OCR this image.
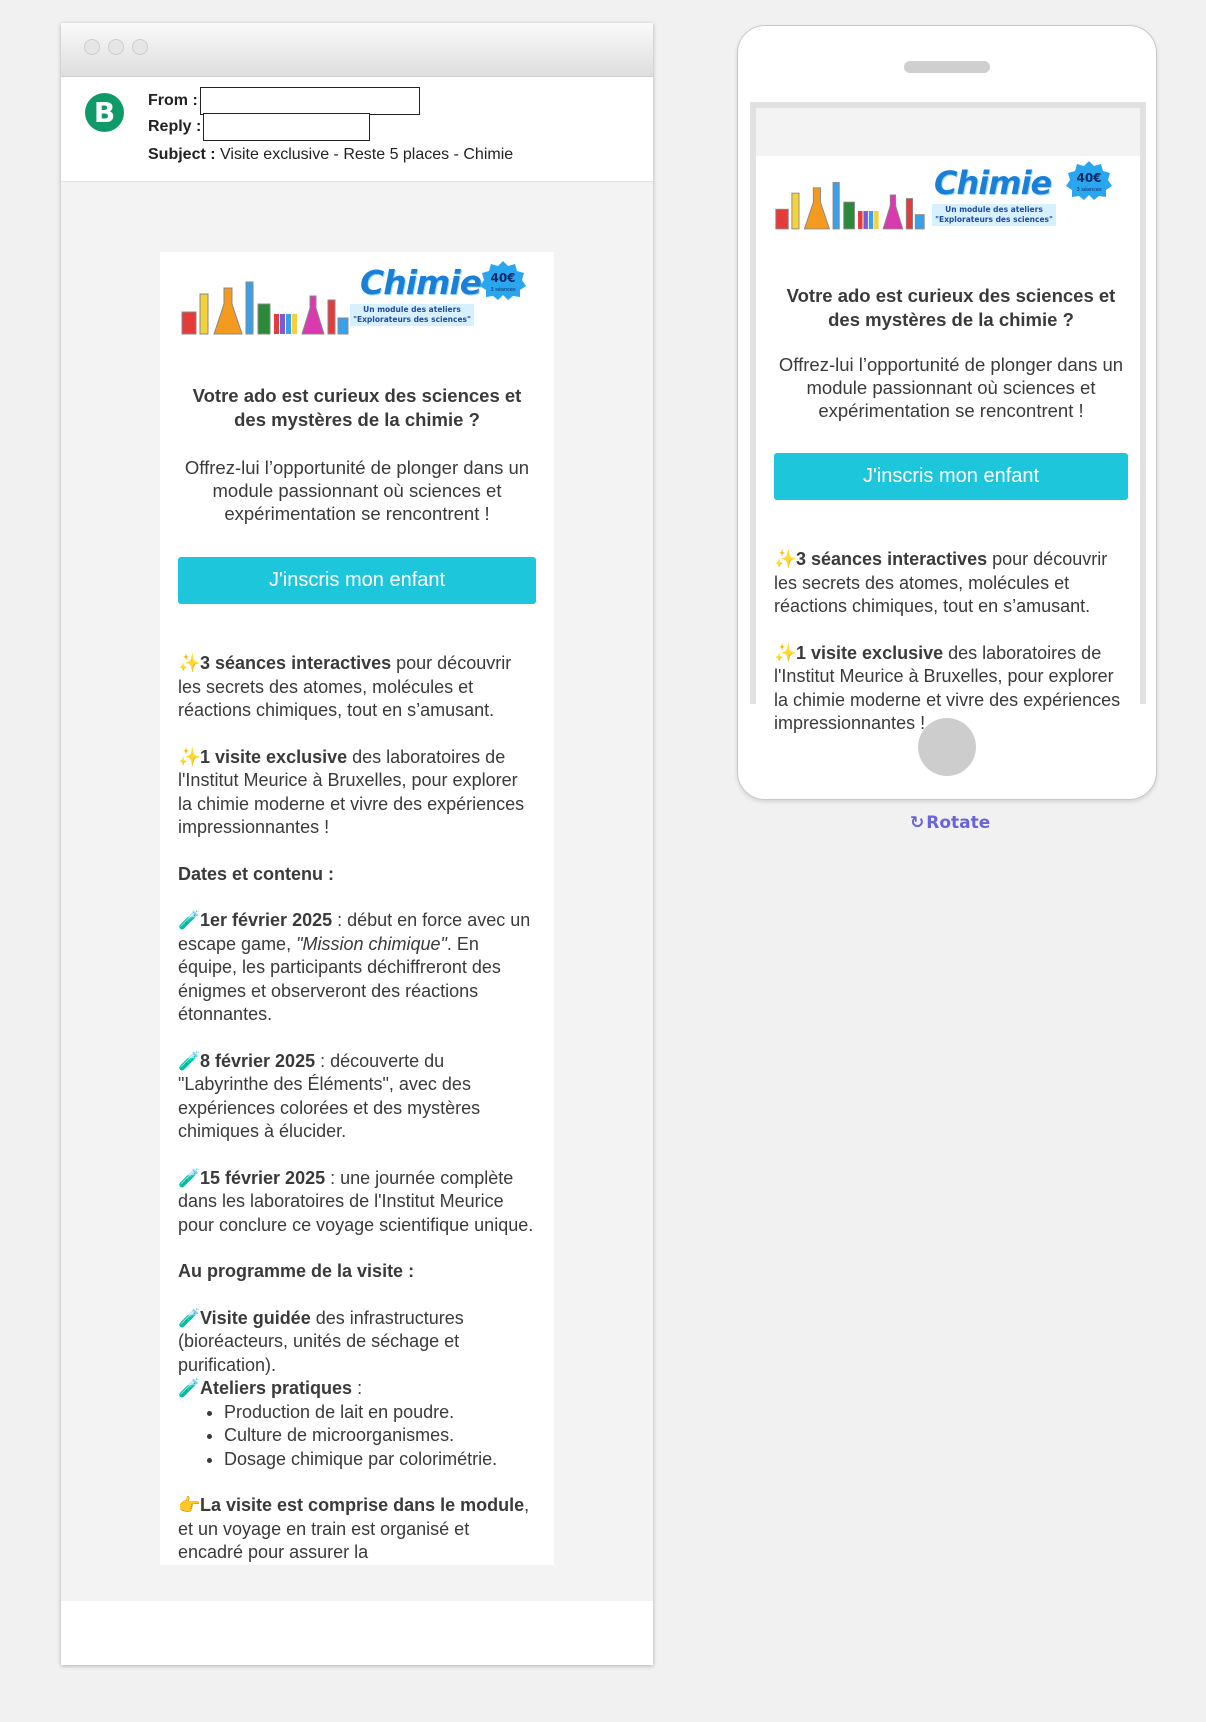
B	From :
Reply :
Subject : Visite exclusive - Reste 5 places - Chimie
Chimie
Un module des ateliers
"Explorateurs des sciences"
40€
3 séances
Votre ado est curieux des sciences et des mystères de la chimie ?
Offrez-lui l’opportunité de plonger dans un module passionnant où sciences et expérimentation se rencontrent !
J'inscris mon enfant
✨3 séances interactives pour découvrir les secrets des atomes, molécules et réactions chimiques, tout en s’amusant.
✨1 visite exclusive des laboratoires de l'Institut Meurice à Bruxelles, pour explorer la chimie moderne et vivre des expériences impressionnantes !
Dates et contenu :
🧪1er février 2025 : début en force avec un escape game, "Mission chimique". En équipe, les participants déchiffreront des énigmes et observeront des réactions étonnantes.
🧪8 février 2025 : découverte du "Labyrinthe des Éléments", avec des expériences colorées et des mystères chimiques à élucider.
🧪15 février 2025 : une journée complète dans les laboratoires de l'Institut Meurice pour conclure ce voyage scientifique unique.
Au programme de la visite :
🧪Visite guidée des infrastructures (bioréacteurs, unités de séchage et purification).
🧪Ateliers pratiques :
• Production de lait en poudre.
• Culture de microorganismes.
• Dosage chimique par colorimétrie.
👉La visite est comprise dans le module, et un voyage en train est organisé et encadré pour assurer la
Chimie
Un module des ateliers
"Explorateurs des sciences"
40€
3 séances
Votre ado est curieux des sciences et des mystères de la chimie ?
Offrez-lui l’opportunité de plonger dans un module passionnant où sciences et expérimentation se rencontrent !
J'inscris mon enfant
✨3 séances interactives pour découvrir les secrets des atomes, molécules et réactions chimiques, tout en s’amusant.
✨1 visite exclusive des laboratoires de l'Institut Meurice à Bruxelles, pour explorer la chimie moderne et vivre des expériences impressionnantes !
↻ Rotate
